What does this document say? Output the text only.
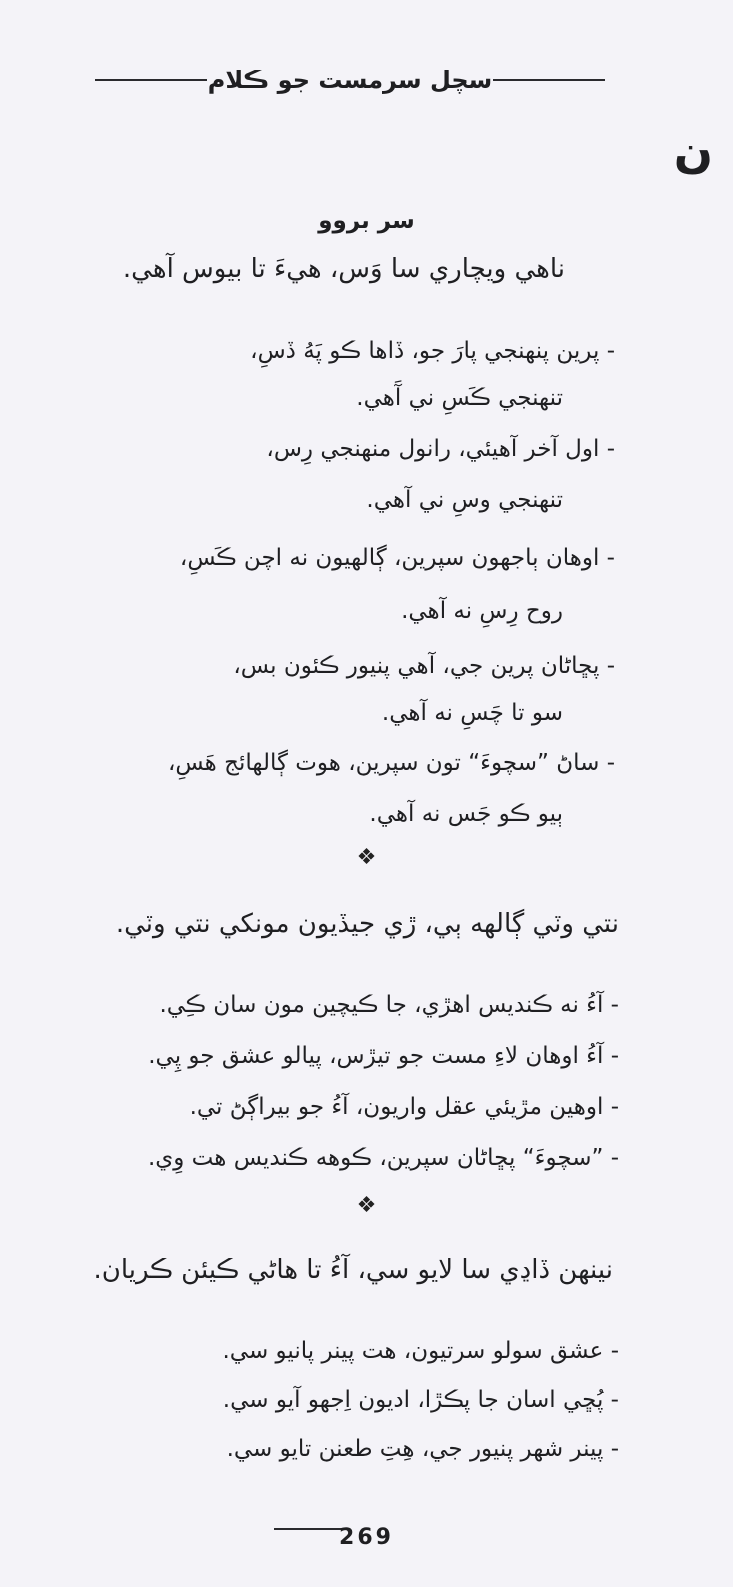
سچل سرمست جو ڪلام
ن
سر بروو
ناهي ويچاري سا وَس، هيءَ تا بيوس آهي.
- پرين پنهنجي پارَ جو، ڏاها ڪو پَهُ ڏسِ،
تنهنجي ڪَسِ ني آَهي.
- اول آخر آهيئي، رانول منهنجي رِس،
تنهنجي وسِ ني آهي.
- اوهان ٻاجهون سپرين، ڳالهيون نه اچن ڪَسِ،
روح رِسِ نه آهي.
- پڇاڻان پرين جي، آهي پنيور ڪئون بس،
سو تا چَسِ نه آهي.
- ساڻ ”سچوءَ“ تون سپرين، هوت ڳالهائج هَسِ،
ٻيو ڪو جَس نه آهي.
❖
نتي وٽي ڳالهه ٻي، ڙي جيڏيون مونکي نتي وٽي.
- آءُ نه ڪنديس اهڙي، جا ڪيچين مون سان ڪِي.
- آءُ اوهان لاءِ مست جو تيڙس، پيالو عشق جو پِي.
- اوهين مڙيئي عقل واريون، آءُ جو بيراڳڻ تي.
- ”سچوءَ“ پڇاڻان سپرين، ڪوهه ڪنديس هت وِي.
❖
نينهن ڏاڍي سا لايو سي، آءُ تا هاڻي ڪيئن ڪريان.
- عشق سولو سرتيون، هت پينر پانيو سي.
- پُڇي اسان جا پڪڙا، اديون اِجهو آيو سي.
- پينر شهر پنيور جي، هِتِ طعنن تايو سي.
269
